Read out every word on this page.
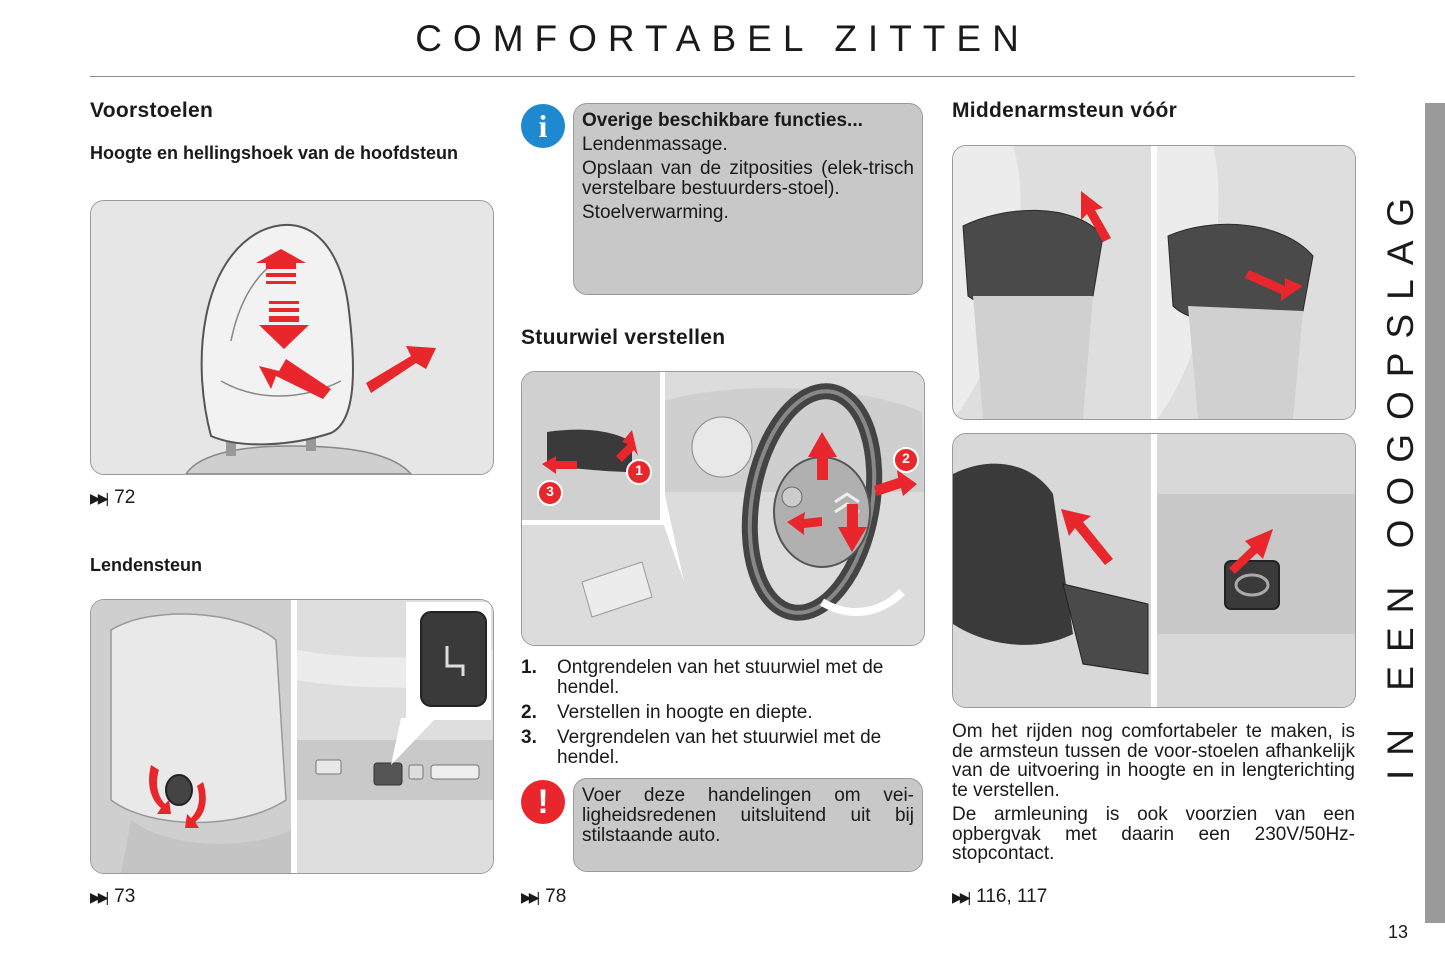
COMFORTABEL ZITTEN
Voorstoelen
Hoogte en hellingshoek van de hoofdsteun
▶▶| 72
Lendensteun
▶▶| 73
i	Overige beschikbare functies...

Lendenmassage.

Opslaan van de zitposities (elek-trisch verstelbare bestuurders-stoel).

Stoelverwarming.

Stuurwiel verstellen
1
2
3
1.	Ontgrendelen van het stuurwiel met de hendel.
2.	Verstellen in hoogte en diepte.
3.	Vergrendelen van het stuurwiel met de hendel.
!	Voer deze handelingen om vei-ligheidsredenen uitsluitend uit bij stilstaande auto.

▶▶| 78
Middenarmsteun vóór

Om het rijden nog comfortabeler te maken, is de armsteun tussen de voor-stoelen afhankelijk van de uitvoering in hoogte en in lengterichting te verstellen.

De armleuning is ook voorzien van een opbergvak met daarin een 230V/50Hz-stopcontact.

▶▶| 116, 117
IN EEN OOGOPSLAG
13
